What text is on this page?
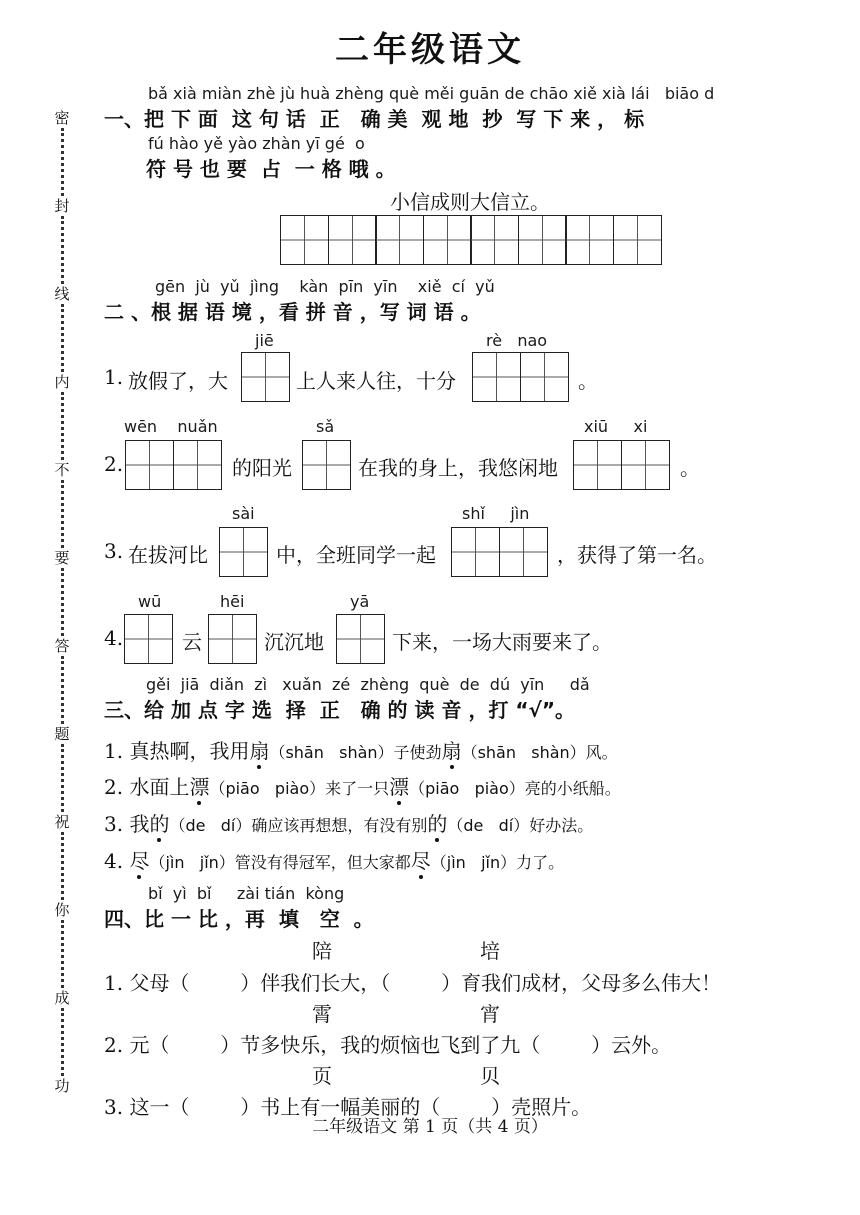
二年级语文
密
封
线
内
不
要
答
题
祝
你
成
功
bǎ xià miàn zhè jù huà zhèng què měi guān de chāo xiě xià lái   biāo d
一、把 下 面  这 句 话  正   确 美  观 地  抄  写 下 来 ， 标
fú hào yě yào zhàn yī gé  o
符 号 也 要  占  一 格 哦 。
小信成则大信立。
gēn  jù  yǔ  jìng    kàn  pīn  yīn    xiě  cí  yǔ
二 、根 据 语 境 ，看 拼 音 ，写 词 语 。
jiē	rè   nao
1. 放假了，大	上人来人往，十分	。
wēn    nuǎn	sǎ	xiū     xi
2.	的阳光	在我的身上，我悠闲地	。
sài	shǐ     jìn
3. 在拔河比	中，全班同学一起	，获得了第一名。
wū	hēi	yā
4.	云	沉沉地	下来，一场大雨要来了。
gěi  jiā  diǎn  zì   xuǎn  zé  zhèng  què  de  dú  yīn     dǎ
三、给 加 点 字 选  择  正   确 的 读 音 ，打 “√”。
1. 真热啊，我用扇（shān   shàn）子使劲扇（shān   shàn）风。
2. 水面上漂（piāo   piào）来了一只漂（piāo   piào）亮的小纸船。
3. 我的（de   dí）确应该再想想，有没有别的（de   dí）好办法。
4. 尽（jìn   jǐn）管没有得冠军，但大家都尽（jìn   jǐn）力了。
bǐ  yì  bǐ     zài tián  kòng
四、比 一 比 ，再  填   空  。
陪	培
1. 父母（        ）伴我们长大，（        ）育我们成材，父母多么伟大！
霄	宵
2. 元（        ）节多快乐，我的烦恼也飞到了九（        ）云外。
页	贝
3. 这一（        ）书上有一幅美丽的（        ）壳照片。
二年级语文 第 1 页（共 4 页）
